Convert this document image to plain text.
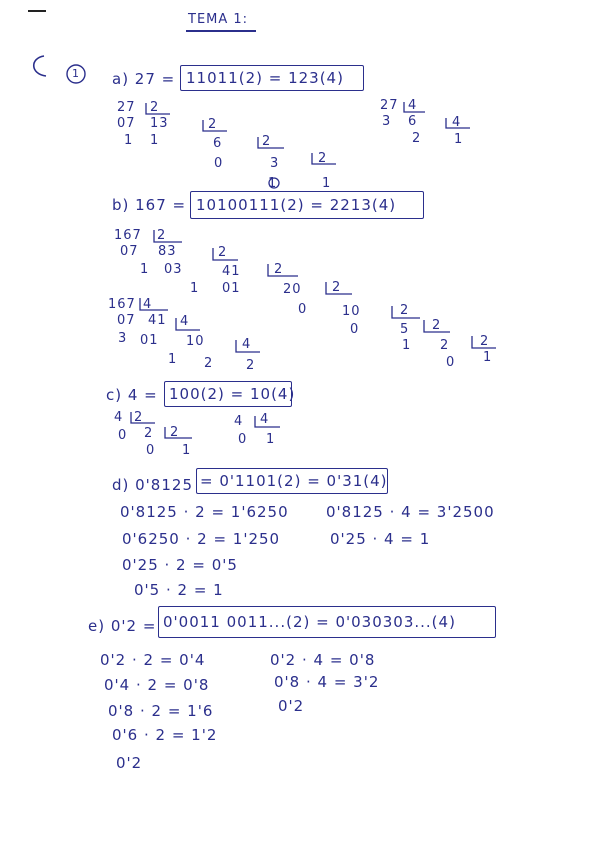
TEMA 1:
1 a) 27 = 11011(2) = 123(4)
27 2
07 13
1 1
2
6	2
0	3	2
1	1
27 4
3 6	4
2	1
b) 167 = 10100111(2) = 2213(4)
167 2
07 83	2
1 03	41	2
1 01	20 2
0	10	2
0	5 2
1 2 2
0 1
167 4
07 41 4
3 01 10	4
1 2	2
c) 4 = 100(2) = 10(4)
4 2
0 2 2
0 1
4 4
0 1
d) 0'8125 = 0'1101(2) = 0'31(4)
0'8125 · 2 = 1'6250
0'6250 · 2 = 1'250
0'25 · 2 = 0'5
0'5 · 2 = 1
0'8125 · 4 = 3'2500
0'25 · 4 = 1
e) 0'2 = 0'0011 0011...(2) = 0'030303...(4)
0'2 · 2 = 0'4
0'4 · 2 = 0'8
0'8 · 2 = 1'6
0'6 · 2 = 1'2
0'2
0'2 · 4 = 0'8
0'8 · 4 = 3'2
0'2
